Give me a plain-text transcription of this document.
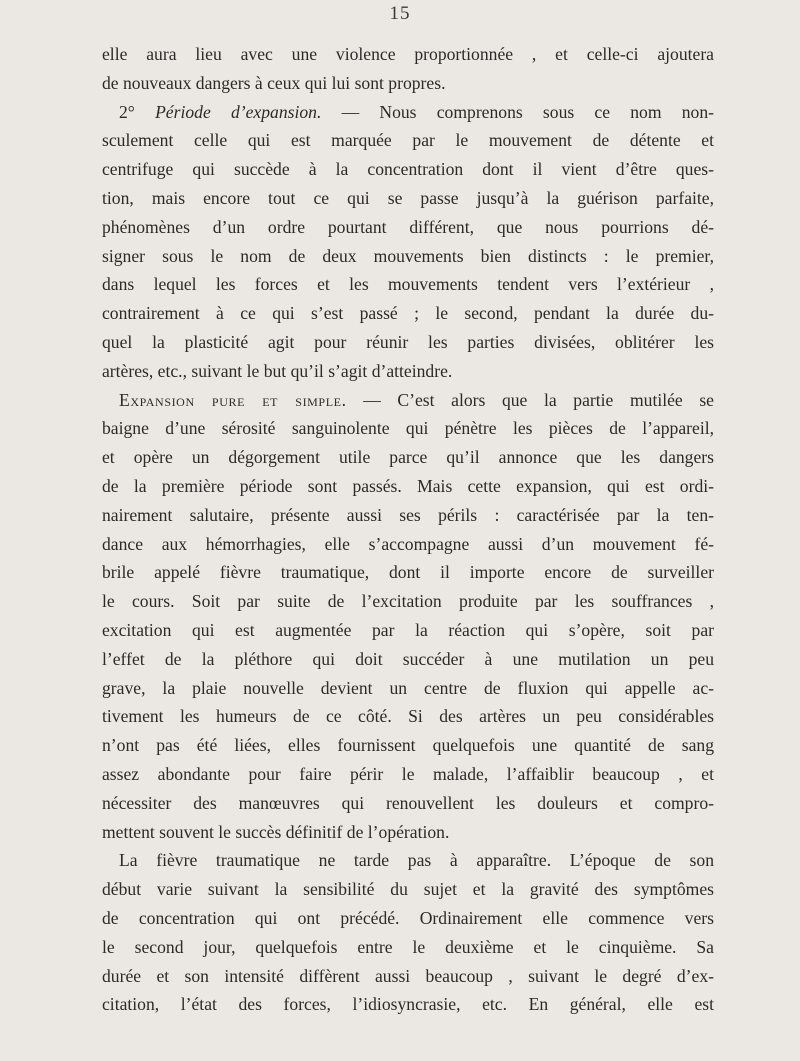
15
elle aura lieu avec une violence proportionnée , et celle-ci ajoutera
de nouveaux dangers à ceux qui lui sont propres.
2° Période d’expansion. — Nous comprenons sous ce nom non-
sculement celle qui est marquée par le mouvement de détente et
centrifuge qui succède à la concentration dont il vient d’être ques-
tion, mais encore tout ce qui se passe jusqu’à la guérison parfaite,
phénomènes d’un ordre pourtant différent, que nous pourrions dé-
signer sous le nom de deux mouvements bien distincts : le premier,
dans lequel les forces et les mouvements tendent vers l’extérieur ,
contrairement à ce qui s’est passé ; le second, pendant la durée du-
quel la plasticité agit pour réunir les parties divisées, oblitérer les
artères, etc., suivant le but qu’il s’agit d’atteindre.
Expansion pure et simple. — C’est alors que la partie mutilée se
baigne d’une sérosité sanguinolente qui pénètre les pièces de l’appareil,
et opère un dégorgement utile parce qu’il annonce que les dangers
de la première période sont passés. Mais cette expansion, qui est ordi-
nairement salutaire, présente aussi ses périls : caractérisée par la ten-
dance aux hémorrhagies, elle s’accompagne aussi d’un mouvement fé-
brile appelé fièvre traumatique, dont il importe encore de surveiller
le cours. Soit par suite de l’excitation produite par les souffrances ,
excitation qui est augmentée par la réaction qui s’opère, soit par
l’effet de la pléthore qui doit succéder à une mutilation un peu
grave, la plaie nouvelle devient un centre de fluxion qui appelle ac-
tivement les humeurs de ce côté. Si des artères un peu considérables
n’ont pas été liées, elles fournissent quelquefois une quantité de sang
assez abondante pour faire périr le malade, l’affaiblir beaucoup , et
nécessiter des manœuvres qui renouvellent les douleurs et compro-
mettent souvent le succès définitif de l’opération.
La fièvre traumatique ne tarde pas à apparaître. L’époque de son
début varie suivant la sensibilité du sujet et la gravité des symptômes
de concentration qui ont précédé. Ordinairement elle commence vers
le second jour, quelquefois entre le deuxième et le cinquième. Sa
durée et son intensité diffèrent aussi beaucoup , suivant le degré d’ex-
citation, l’état des forces, l’idiosyncrasie, etc. En général, elle est
